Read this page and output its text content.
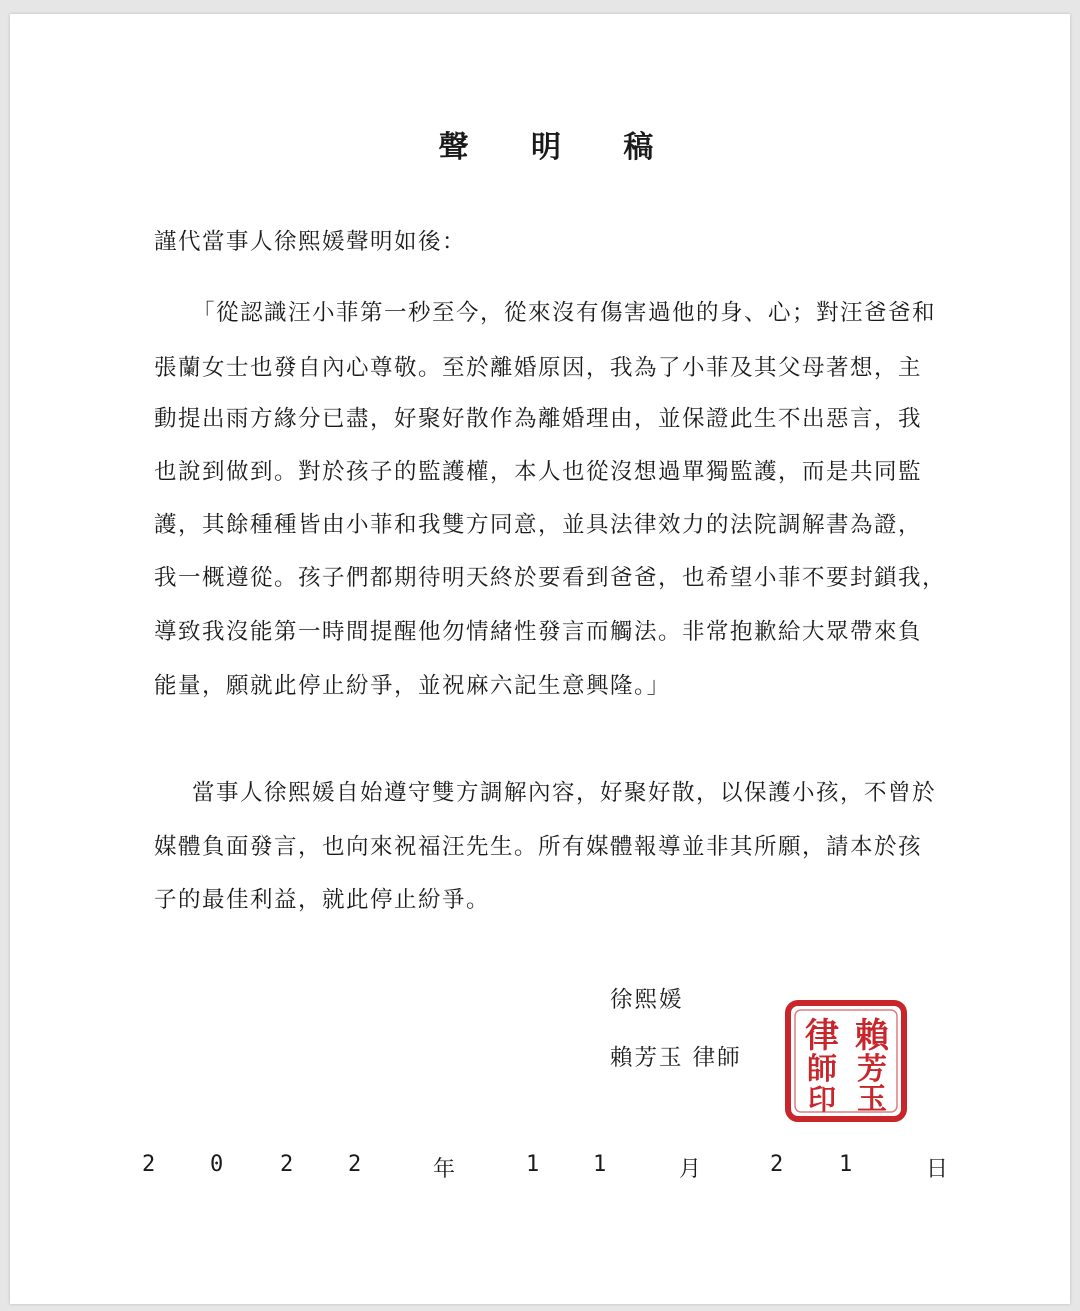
聲 明 稿
謹代當事人徐熙媛聲明如後：
「從認識汪小菲第一秒至今，從來沒有傷害過他的身、心；對汪爸爸和
張蘭女士也發自內心尊敬。至於離婚原因，我為了小菲及其父母著想，主
動提出雨方緣分已盡，好聚好散作為離婚理由，並保證此生不出惡言，我
也說到做到。對於孩子的監護權，本人也從沒想過單獨監護，而是共同監
護，其餘種種皆由小菲和我雙方同意，並具法律效力的法院調解書為證，
我一概遵從。孩子們都期待明天終於要看到爸爸，也希望小菲不要封鎖我，
導致我沒能第一時間提醒他勿情緒性發言而觸法。非常抱歉給大眾帶來負
能量，願就此停止紛爭，並祝麻六記生意興隆。」
當事人徐熙媛自始遵守雙方調解內容，好聚好散，以保護小孩，不曾於
媒體負面發言，也向來祝福汪先生。所有媒體報導並非其所願，請本於孩
子的最佳利益，就此停止紛爭。
徐熙媛
賴芳玉 律師
賴
芳
玉
律
師
印
2 0	2 2	年	1 1	月	2	1	日
